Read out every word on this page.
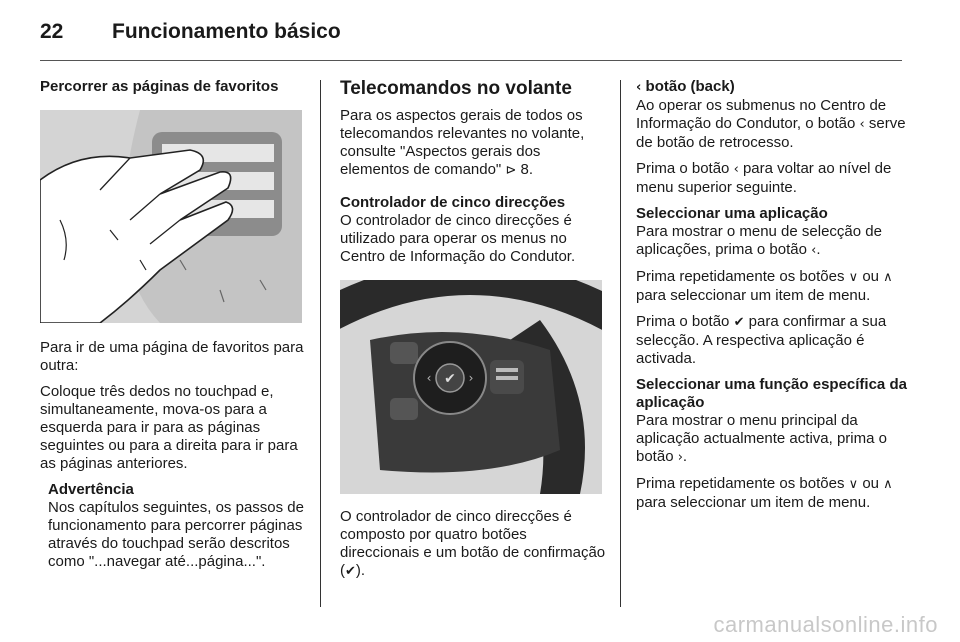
22 Funcionamento básico

Percorrer as páginas de favoritos

Para ir de uma página de favoritos para outra:

Coloque três dedos no touchpad e, simultaneamente, mova-os para a esquerda para ir para as páginas seguintes ou para a direita para ir para as páginas anteriores.

Advertência

Nos capítulos seguintes, os passos de funcionamento para percorrer páginas através do touchpad serão descritos como "...navegar até...página...".

Telecomandos no volante

Para os aspectos gerais de todos os telecomandos relevantes no volante, consulte "Aspectos gerais dos elementos de comando" ⊳ 8.

Controlador de cinco direcções

O controlador de cinco direcções é utilizado para operar os menus no Centro de Informação do Condutor.

✔
‹	›

O controlador de cinco direcções é composto por quatro botões direccionais e um botão de confirmação (✔).

‹ botão (back)

Ao operar os submenus no Centro de Informação do Condutor, o botão ‹ serve de botão de retrocesso.

Prima o botão ‹ para voltar ao nível de menu superior seguinte.

Seleccionar uma aplicação

Para mostrar o menu de selecção de aplicações, prima o botão ‹.

Prima repetidamente os botões ∨ ou ∧ para seleccionar um item de menu.

Prima o botão ✔ para confirmar a sua selecção. A respectiva aplicação é activada.

Seleccionar uma função específica da aplicação

Para mostrar o menu principal da aplicação actualmente activa, prima o botão ›.

Prima repetidamente os botões ∨ ou ∧ para seleccionar um item de menu.

carmanualsonline.info
